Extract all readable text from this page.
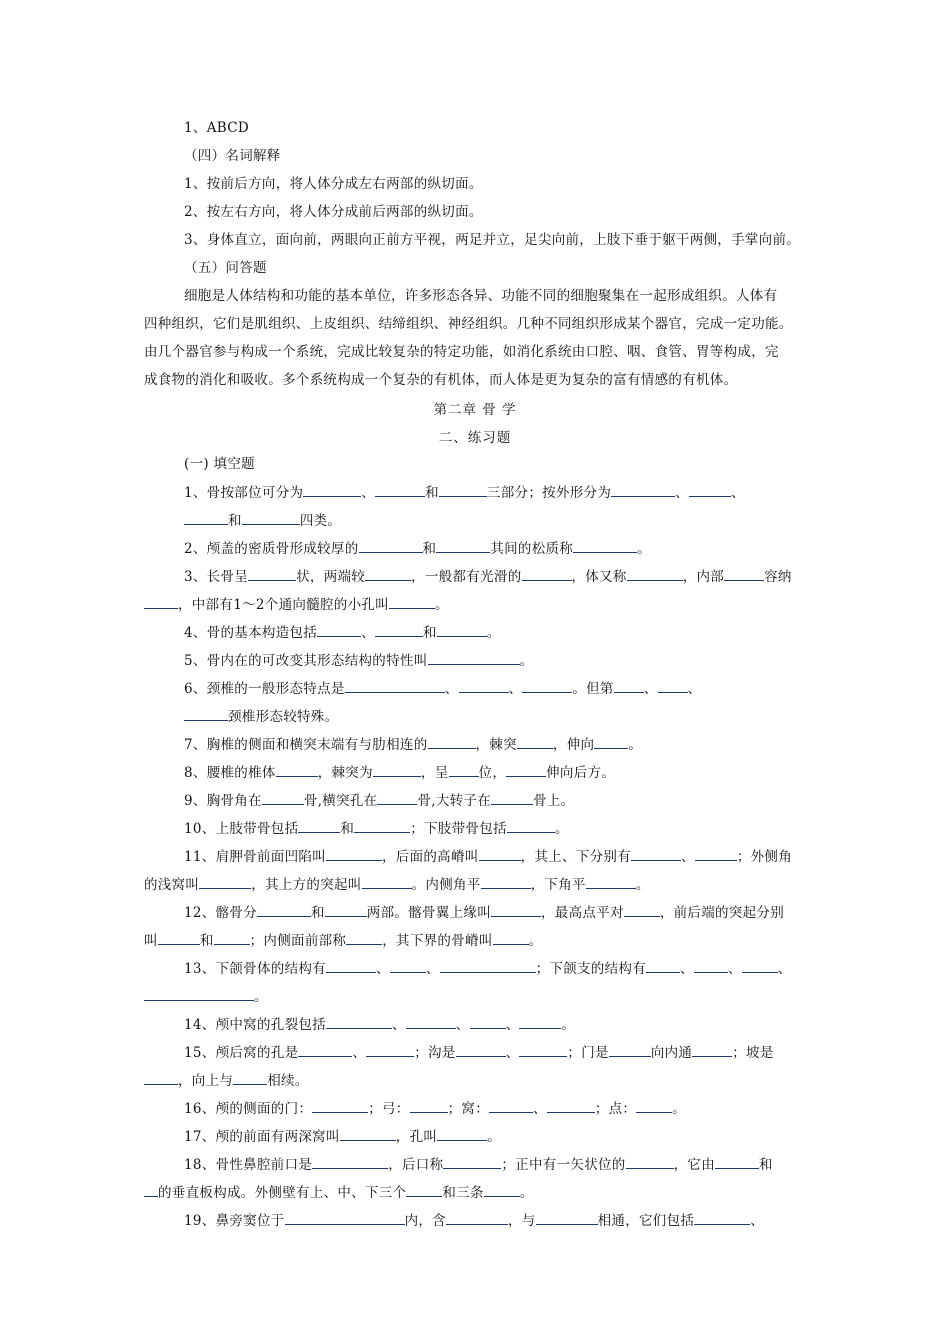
1、ABCD
（四）名词解释
1、按前后方向，将人体分成左右两部的纵切面。
2、按左右方向，将人体分成前后两部的纵切面。
3、身体直立，面向前，两眼向正前方平视，两足并立，足尖向前，上肢下垂于躯干两侧，手掌向前。
（五）问答题
细胞是人体结构和功能的基本单位，许多形态各异、功能不同的细胞聚集在一起形成组织。人体有
四种组织，它们是肌组织、上皮组织、结缔组织、神经组织。几种不同组织形成某个器官，完成一定功能。
由几个器官参与构成一个系统，完成比较复杂的特定功能，如消化系统由口腔、咽、食管、胃等构成，完
成食物的消化和吸收。多个系统构成一个复杂的有机体，而人体是更为复杂的富有情感的有机体。
第二章 骨 学
二、练习题
(一) 填空题
1、骨按部位可分为	、	和	三部分；按外形分为	、	、
和	四类。
2、颅盖的密质骨形成较厚的	和	其间的松质称	。
3、长骨呈	状，两端较	，一般都有光滑的	，体又称	，内部	容纳
，中部有1～2个通向髓腔的小孔叫	。
4、骨的基本构造包括	、	和	。
5、骨内在的可改变其形态结构的特性叫	。
6、颈椎的一般形态特点是	、	、	。但第 、 、
颈椎形态较特殊。
7、胸椎的侧面和横突末端有与肋相连的	，棘突	，伸向	。
8、腰椎的椎体	，棘突为	，呈 位，	伸向后方。
9、胸骨角在	骨,横突孔在	骨,大转子在	骨上。
10、上肢带骨包括	和	；下肢带骨包括	。
11、肩胛骨前面凹陷叫	，后面的高嵴叫	，其上、下分别有	、	；外侧角
的浅窝叫	，其上方的突起叫	。内侧角平	，下角平	。
12、髂骨分	和	两部。髂骨翼上缘叫	，最高点平对	，前后端的突起分别
叫	和	；内侧面前部称	，其下界的骨嵴叫	。
13、下颌骨体的结构有	、	、	；下颌支的结构有	、	、	、
。
14、颅中窝的孔裂包括	、	、	、	。
15、颅后窝的孔是	、	；沟是	、	；门是	向内通	；坡是
，向上与	相续。
16、颅的侧面的门：	；弓：	；窝：	、	；点：	。
17、颅的前面有两深窝叫	，孔叫	。
18、骨性鼻腔前口是	，后口称	；正中有一矢状位的	，它由	和
的垂直板构成。外侧壁有上、中、下三个	和三条	。
19、鼻旁窦位于	内，含	，与	相通，它们包括	、
